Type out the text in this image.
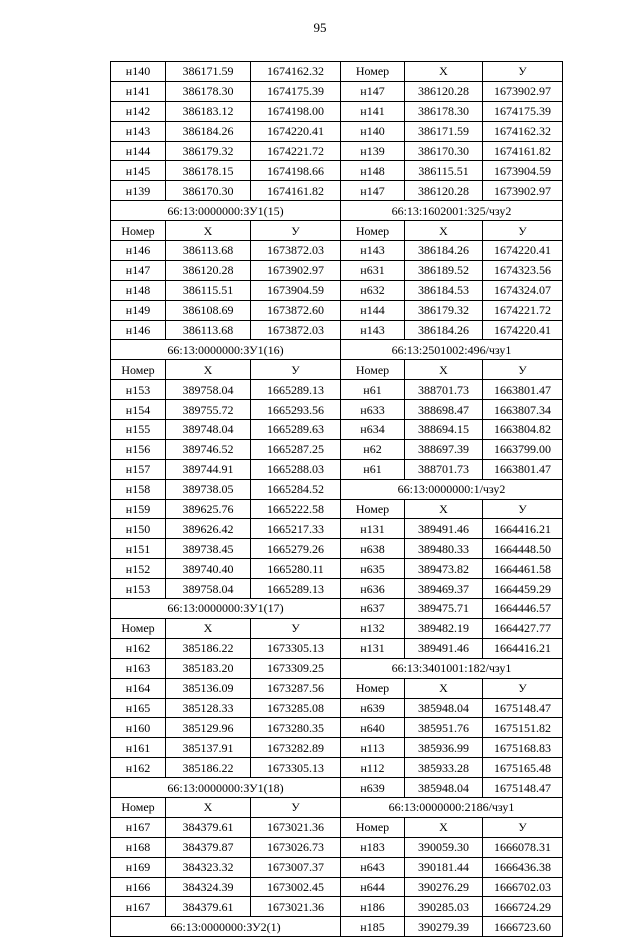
95
н140	386171.59	1674162.32	Номер	X	У
н141	386178.30	1674175.39	н147	386120.28	1673902.97
н142	386183.12	1674198.00	н141	386178.30	1674175.39
н143	386184.26	1674220.41	н140	386171.59	1674162.32
н144	386179.32	1674221.72	н139	386170.30	1674161.82
н145	386178.15	1674198.66	н148	386115.51	1673904.59
н139	386170.30	1674161.82	н147	386120.28	1673902.97
66:13:0000000:ЗУ1(15)			66:13:1602001:325/чзу2		
Номер	X	У	Номер	X	У
н146	386113.68	1673872.03	н143	386184.26	1674220.41
н147	386120.28	1673902.97	н631	386189.52	1674323.56
н148	386115.51	1673904.59	н632	386184.53	1674324.07
н149	386108.69	1673872.60	н144	386179.32	1674221.72
н146	386113.68	1673872.03	н143	386184.26	1674220.41
66:13:0000000:ЗУ1(16)			66:13:2501002:496/чзу1		
Номер	X	У	Номер	X	У
н153	389758.04	1665289.13	н61	388701.73	1663801.47
н154	389755.72	1665293.56	н633	388698.47	1663807.34
н155	389748.04	1665289.63	н634	388694.15	1663804.82
н156	389746.52	1665287.25	н62	388697.39	1663799.00
н157	389744.91	1665288.03	н61	388701.73	1663801.47
н158	389738.05	1665284.52	66:13:0000000:1/чзу2		
н159	389625.76	1665222.58	Номер	X	У
н150	389626.42	1665217.33	н131	389491.46	1664416.21
н151	389738.45	1665279.26	н638	389480.33	1664448.50
н152	389740.40	1665280.11	н635	389473.82	1664461.58
н153	389758.04	1665289.13	н636	389469.37	1664459.29
66:13:0000000:ЗУ1(17)			н637	389475.71	1664446.57
Номер	X	У	н132	389482.19	1664427.77
н162	385186.22	1673305.13	н131	389491.46	1664416.21
н163	385183.20	1673309.25	66:13:3401001:182/чзу1		
н164	385136.09	1673287.56	Номер	X	У
н165	385128.33	1673285.08	н639	385948.04	1675148.47
н160	385129.96	1673280.35	н640	385951.76	1675151.82
н161	385137.91	1673282.89	н113	385936.99	1675168.83
н162	385186.22	1673305.13	н112	385933.28	1675165.48
66:13:0000000:ЗУ1(18)			н639	385948.04	1675148.47
Номер	X	У	66:13:0000000:2186/чзу1		
н167	384379.61	1673021.36	Номер	X	У
н168	384379.87	1673026.73	н183	390059.30	1666078.31
н169	384323.32	1673007.37	н643	390181.44	1666436.38
н166	384324.39	1673002.45	н644	390276.29	1666702.03
н167	384379.61	1673021.36	н186	390285.03	1666724.29
66:13:0000000:ЗУ2(1)			н185	390279.39	1666723.60
